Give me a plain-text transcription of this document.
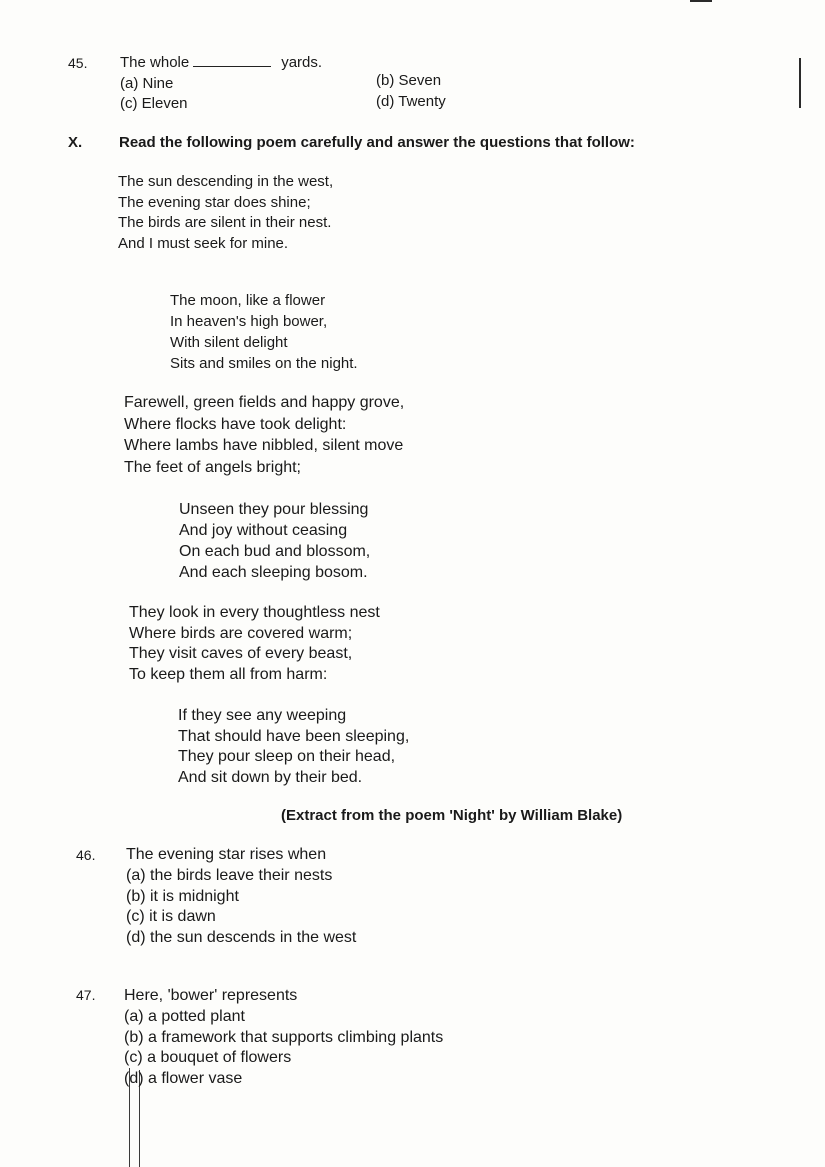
45. The whole	yards.
(a) Nine	(b) Seven
(c) Eleven	(d) Twenty
X. Read the following poem carefully and answer the questions that follow:
The sun descending in the west,
The evening star does shine;
The birds are silent in their nest.
And I must seek for mine.
The moon, like a flower
In heaven's high bower,
With silent delight
Sits and smiles on the night.
Farewell, green fields and happy grove,
Where flocks have took delight:
Where lambs have nibbled, silent move
The feet of angels bright;
Unseen they pour blessing
And joy without ceasing
On each bud and blossom,
And each sleeping bosom.
They look in every thoughtless nest
Where birds are covered warm;
They visit caves of every beast,
To keep them all from harm:
If they see any weeping
That should have been sleeping,
They pour sleep on their head,
And sit down by their bed.
(Extract from the poem 'Night' by William Blake)
46. The evening star rises when
(a) the birds leave their nests
(b) it is midnight
(c) it is dawn
(d) the sun descends in the west
47. Here, 'bower' represents
(a) a potted plant
(b) a framework that supports climbing plants
(c) a bouquet of flowers
(d) a flower vase
